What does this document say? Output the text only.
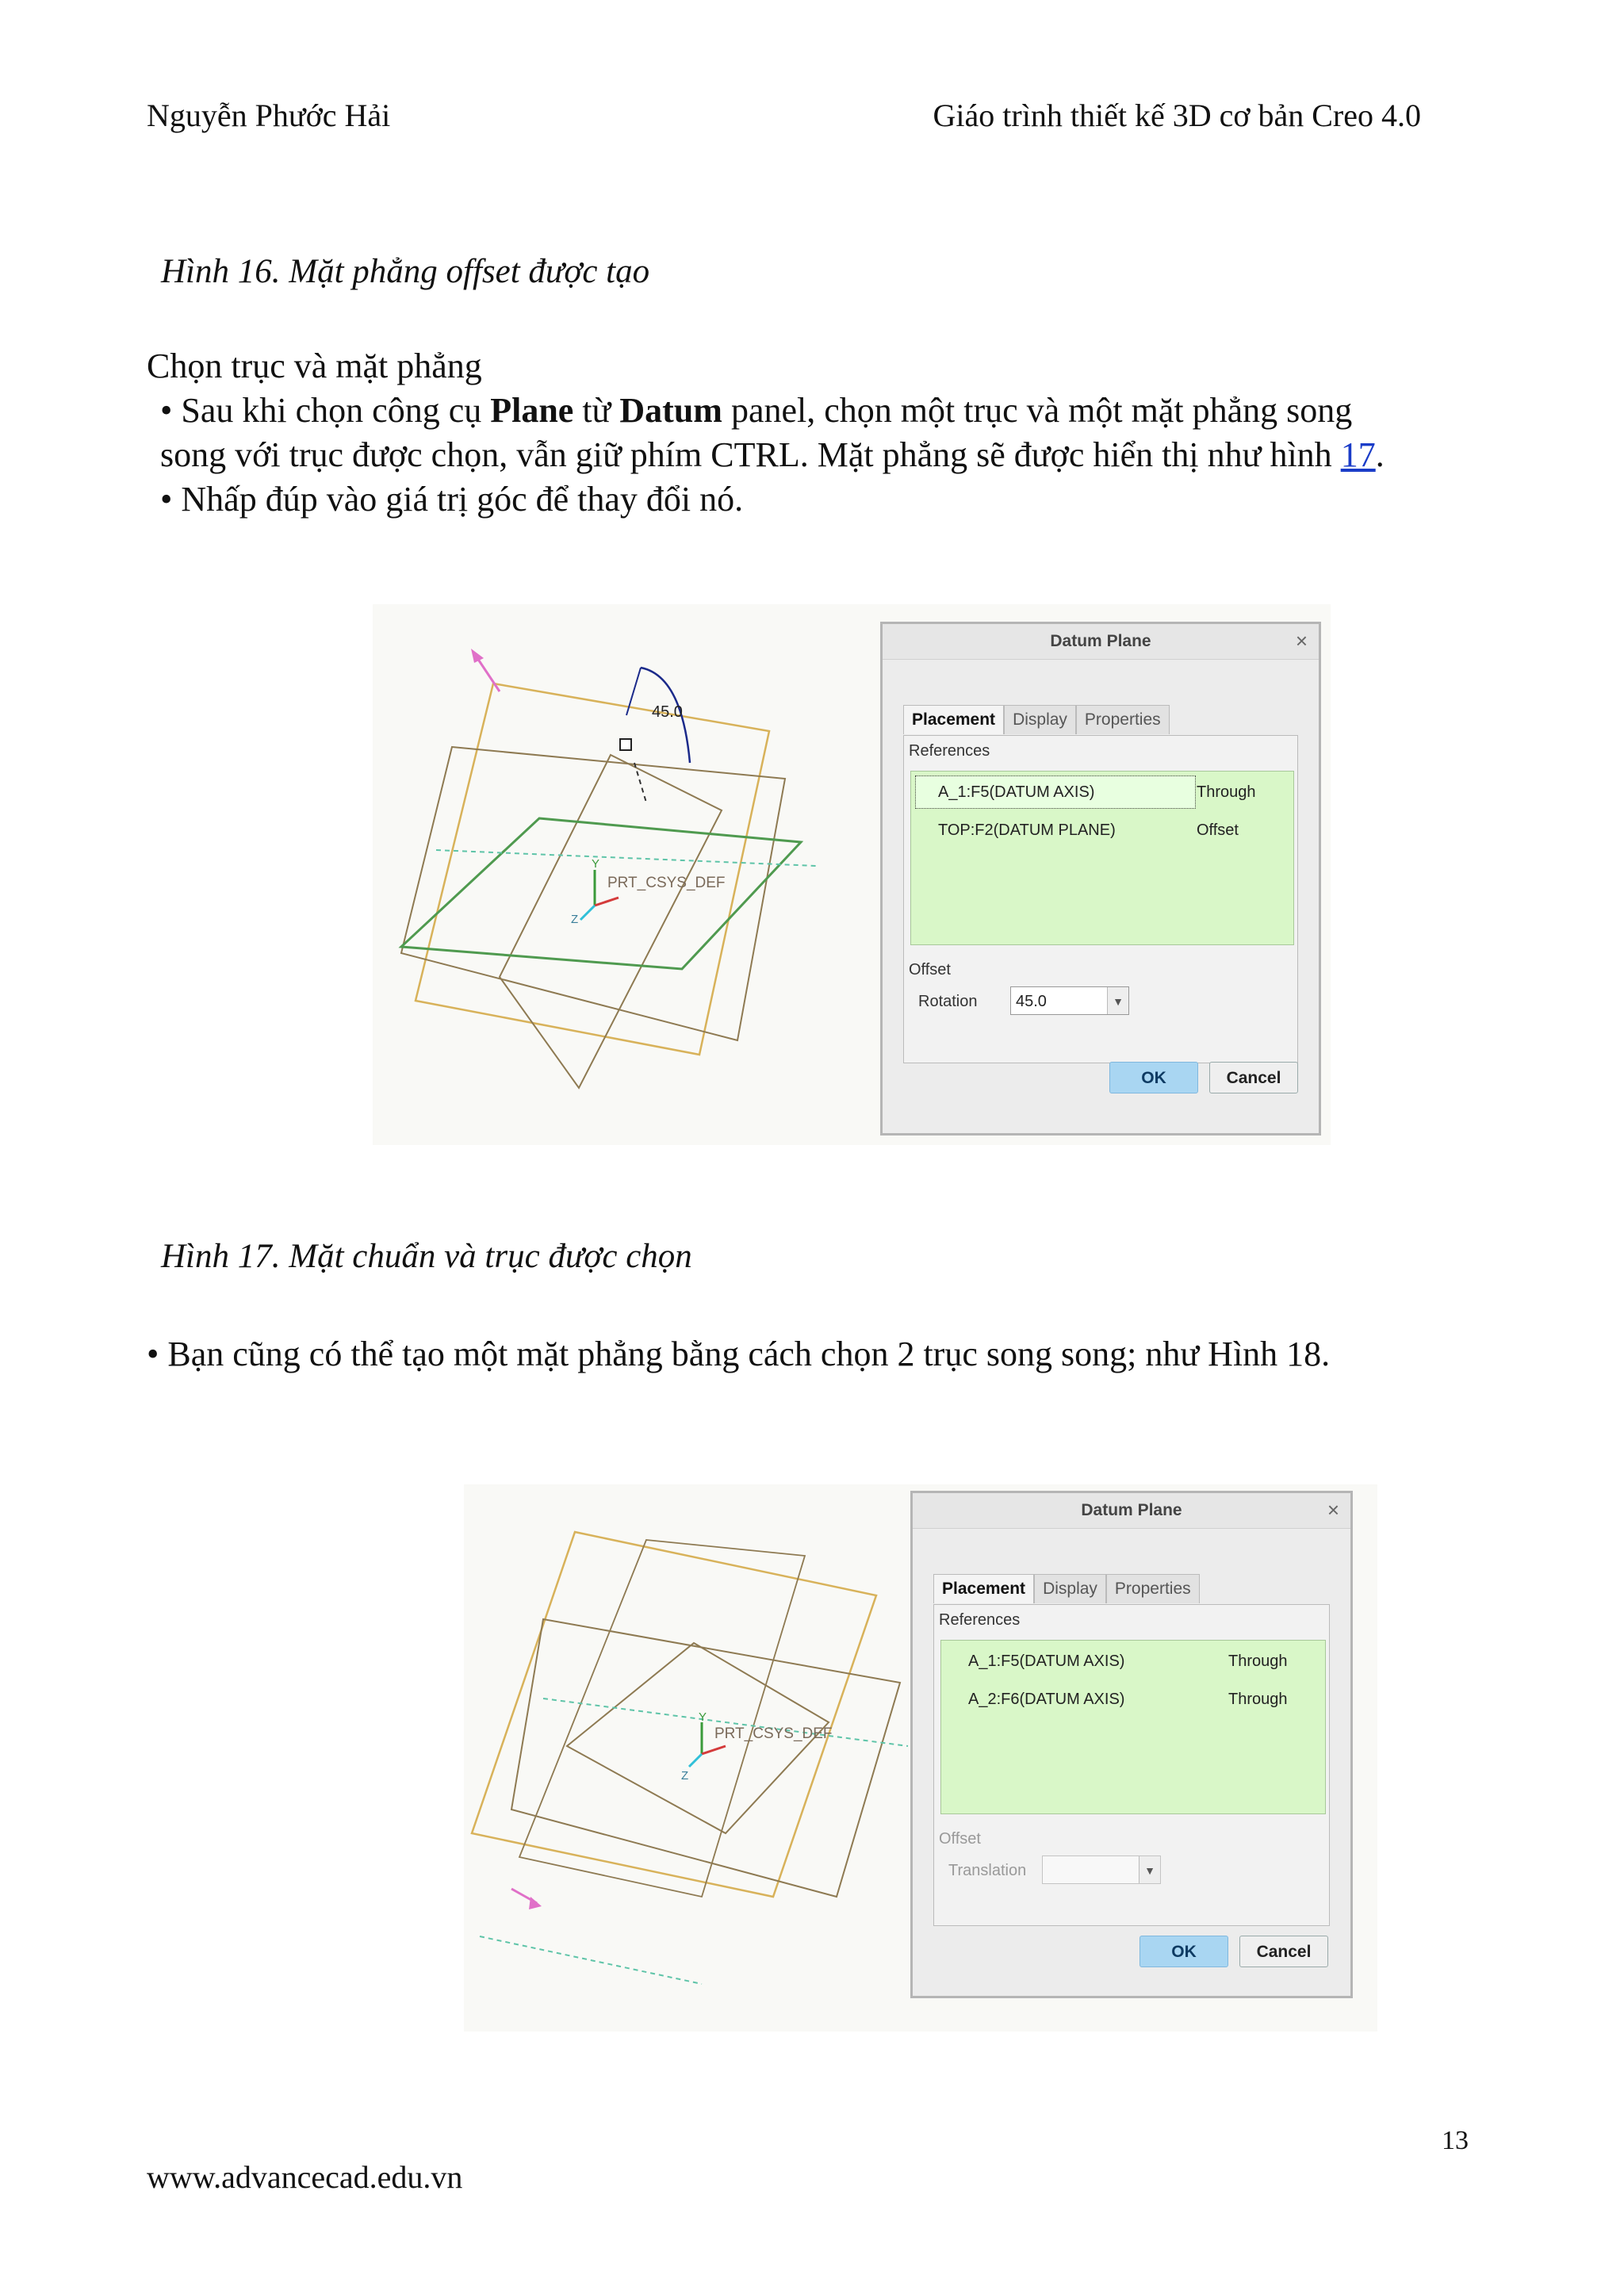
Nguyễn Phước Hải	Giáo trình thiết kế 3D cơ bản Creo 4.0
Hình 16. Mặt phẳng offset được tạo
Chọn trục và mặt phẳng
• Sau khi chọn công cụ Plane từ Datum panel, chọn một trục và một mặt phẳng song
song với trục được chọn, vẫn giữ phím CTRL. Mặt phẳng sẽ được hiển thị như hình 17.
• Nhấp đúp vào giá trị góc để thay đổi nó.
45.0
Y
Z
PRT_CSYS_DEF
Datum Plane	×
Placement	Display	Properties
References
A_1:F5(DATUM AXIS)	Through
TOP:F2(DATUM PLANE)	Offset
Offset
Rotation	45.0	▼
OK	Cancel
Hình 17. Mặt chuẩn và trục được chọn
• Bạn cũng có thể tạo một mặt phẳng bằng cách chọn 2 trục song song; như Hình 18.
Y
Z
PRT_CSYS_DEF
Datum Plane	×
Placement	Display	Properties
References
A_1:F5(DATUM AXIS)	Through
A_2:F6(DATUM AXIS)	Through
Offset
Translation	▼
OK	Cancel
13
www.advancecad.edu.vn
